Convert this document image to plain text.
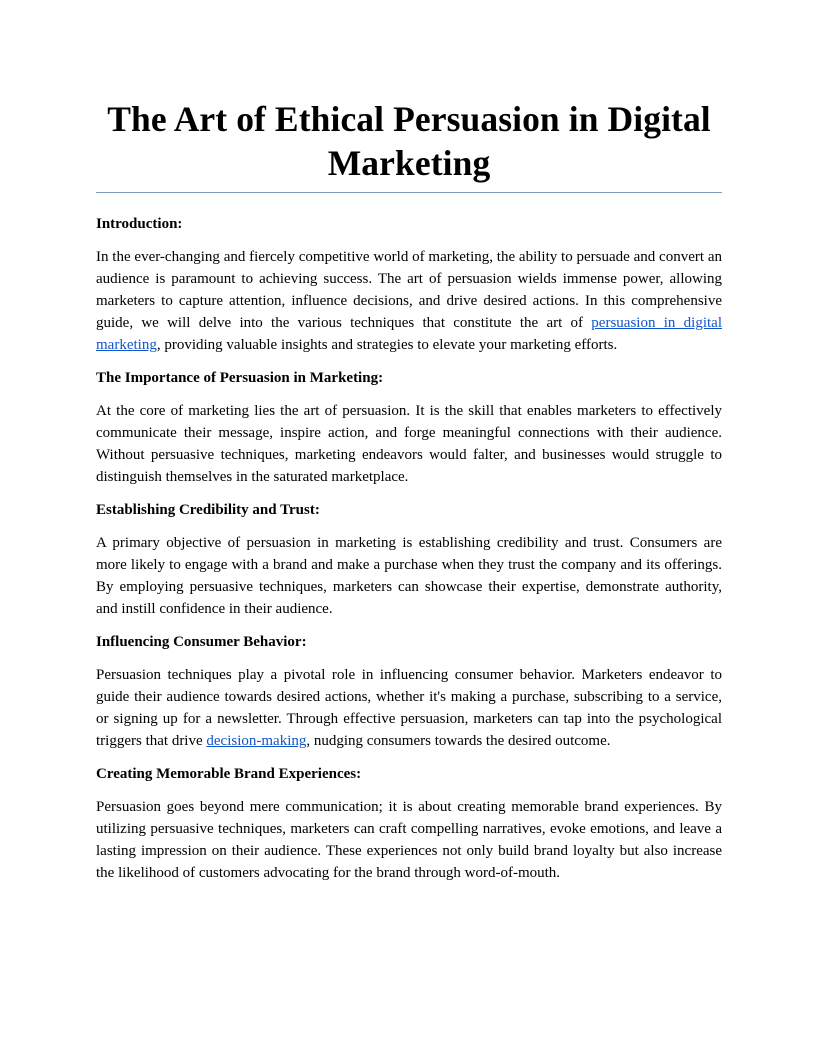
The Art of Ethical Persuasion in Digital
Marketing

Introduction:

In the ever-changing and fiercely competitive world of marketing, the ability to persuade and convert an audience is paramount to achieving success. The art of persuasion wields immense power, allowing marketers to capture attention, influence decisions, and drive desired actions. In this comprehensive guide, we will delve into the various techniques that constitute the art of persuasion in digital marketing, providing valuable insights and strategies to elevate your marketing efforts.

The Importance of Persuasion in Marketing:

At the core of marketing lies the art of persuasion. It is the skill that enables marketers to effectively communicate their message, inspire action, and forge meaningful connections with their audience. Without persuasive techniques, marketing endeavors would falter, and businesses would struggle to distinguish themselves in the saturated marketplace.

Establishing Credibility and Trust:

A primary objective of persuasion in marketing is establishing credibility and trust. Consumers are more likely to engage with a brand and make a purchase when they trust the company and its offerings. By employing persuasive techniques, marketers can showcase their expertise, demonstrate authority, and instill confidence in their audience.

Influencing Consumer Behavior:

Persuasion techniques play a pivotal role in influencing consumer behavior. Marketers endeavor to guide their audience towards desired actions, whether it's making a purchase, subscribing to a service, or signing up for a newsletter. Through effective persuasion, marketers can tap into the psychological triggers that drive decision-making, nudging consumers towards the desired outcome.

Creating Memorable Brand Experiences:

Persuasion goes beyond mere communication; it is about creating memorable brand experiences. By utilizing persuasive techniques, marketers can craft compelling narratives, evoke emotions, and leave a lasting impression on their audience. These experiences not only build brand loyalty but also increase the likelihood of customers advocating for the brand through word-of-mouth.
